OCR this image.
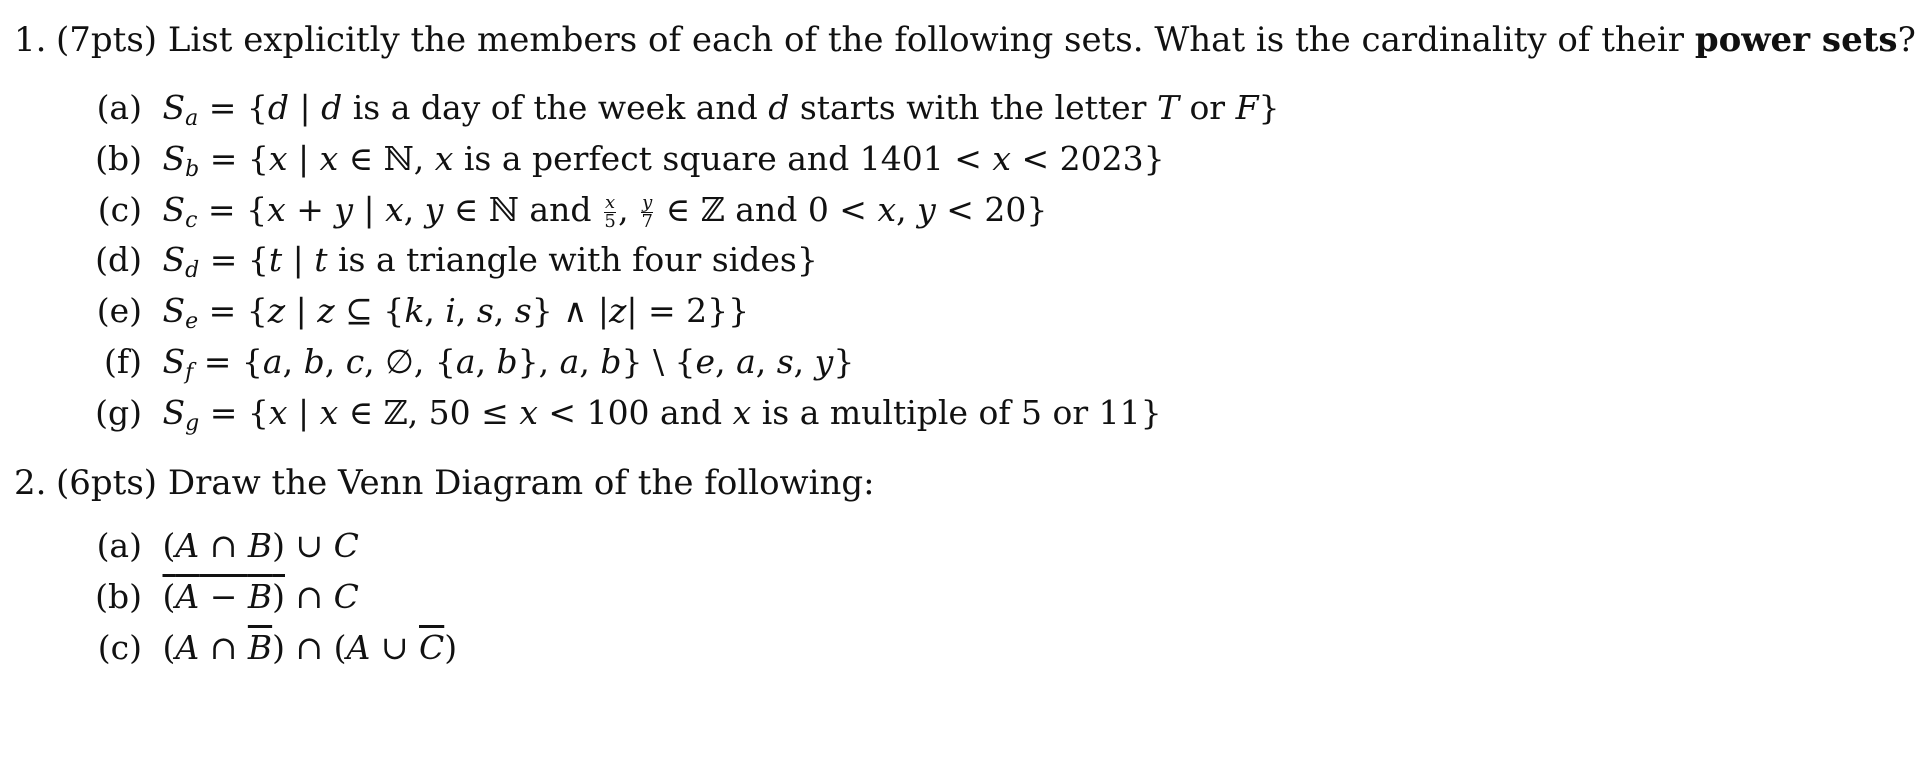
1. (7pts) List explicitly the members of each of the following sets. What is the cardinality of their power sets?
(a) $S_a = \{d$ | d is a day of the week and d starts with the letter T or F}
(b) $S_b = \{x$ | x ∈ ℕ, x is a perfect square and 1401 < x < 2023}
(c) $S_c = \{x + y$ | x, y ∈ ℕ and $\frac{x}{5}$ , $\frac{y}{7}$ ∈ ℤ and 0 < x, y < 20}
(d) $S_d = \{t$ | t is a triangle with four sides}
(e) $S_e = \{z$ | z ⊆ {k, i, s, s} ∧ |z| = 2}}
(f) $S_f = \{a$, b, c, ∅, {a, b}, a, b} \ {e, a, s, y}
(g) $S_g = \{x$ | x ∈ ℤ, 50 ≤ x < 100 and x is a multiple of 5 or 11}
2. (6pts) Draw the Venn Diagram of the following:
(a) (A ∩ B) ∪ C
(b) (A − B) ∩ C
(c) (A ∩ $\overline{B}$) ∩ (A ∪ $\overline{C}$)
